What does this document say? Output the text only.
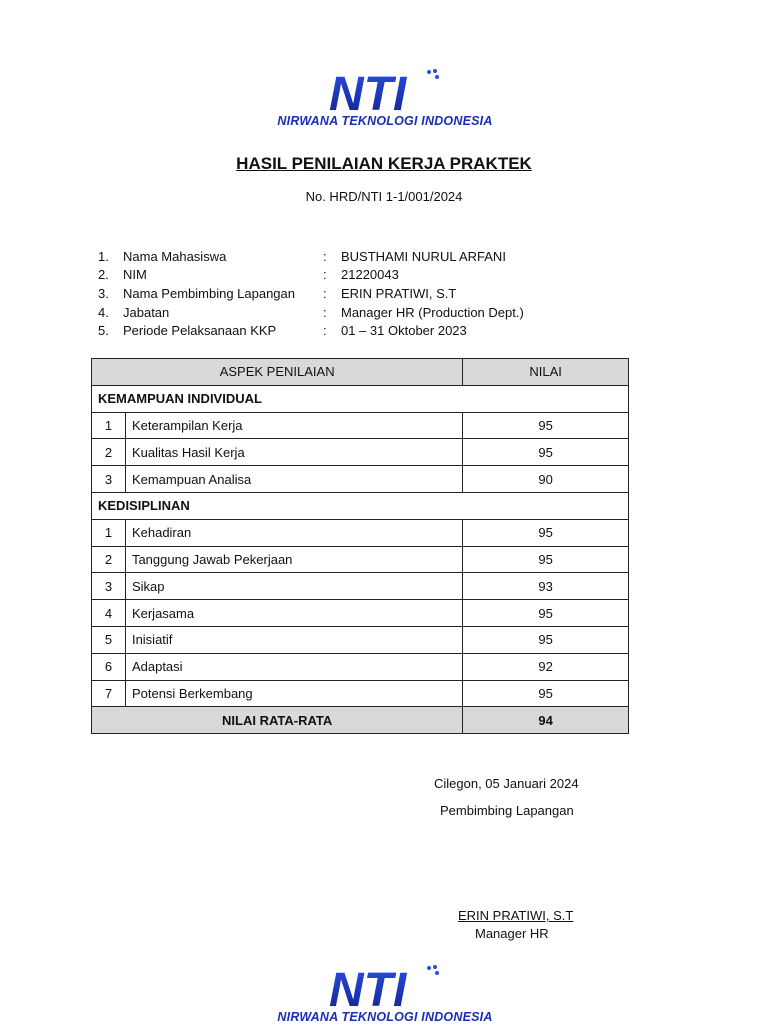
NTI
NIRWANA TEKNOLOGI INDONESIA
HASIL PENILAIAN KERJA PRAKTEK
No. HRD/NTI 1-1/001/2024
1.	Nama Mahasiswa	:	BUSTHAMI NURUL ARFANI
2.	NIM	:	21220043
3.	Nama Pembimbing Lapangan	:	ERIN PRATIWI, S.T
4.	Jabatan	:	Manager HR (Production Dept.)
5.	Periode Pelaksanaan KKP	:	01 – 31 Oktober 2023
ASPEK PENILAIAN		NILAI
KEMAMPUAN INDIVIDUAL		
1	Keterampilan Kerja	95
2	Kualitas Hasil Kerja	95
3	Kemampuan Analisa	90
KEDISIPLINAN		
1	Kehadiran	95
2	Tanggung Jawab Pekerjaan	95
3	Sikap	93
4	Kerjasama	95
5	Inisiatif	95
6	Adaptasi	92
7	Potensi Berkembang	95
NILAI RATA-RATA		94
Cilegon, 05 Januari 2024
Pembimbing Lapangan
ERIN PRATIWI, S.T
Manager HR
NTI
NIRWANA TEKNOLOGI INDONESIA
